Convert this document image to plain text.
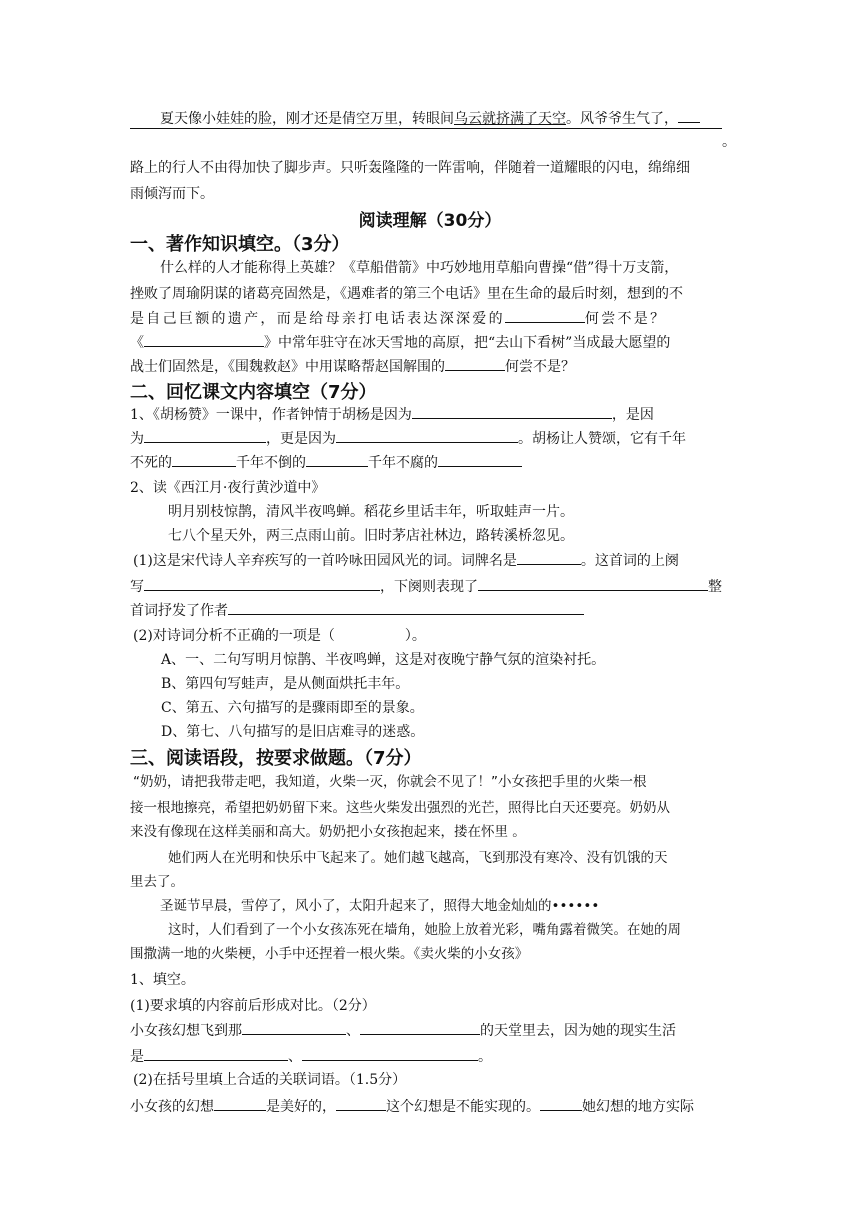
夏天像小娃娃的脸，刚才还是倩空万里，转眼间乌云就挤满了天空。风爷爷生气了，
。
路上的行人不由得加快了脚步声。只听轰隆隆的一阵雷响，伴随着一道耀眼的闪电，绵绵细
雨倾泻而下。
阅读理解（30分）
一、著作知识填空。（3分）
什么样的人才能称得上英雄？《草船借箭》中巧妙地用草船向曹操“借”得十万支箭，
挫败了周瑜阴谋的诸葛亮固然是，《遇难者的第三个电话》里在生命的最后时刻，想到的不
是自己巨额的遗产，而是给母亲打电话表达深深爱的	何尝不是？
《	》中常年驻守在冰天雪地的高原，把“去山下看树”当成最大愿望的
战士们固然是，《围魏救赵》中用谋略帮赵国解围的	何尝不是？
二、回忆课文内容填空（7分）
1、《胡杨赞》一课中，作者钟情于胡杨是因为	，是因
为	，更是因为	。胡杨让人赞颂，它有千年
不死的	千年不倒的	千年不腐的
2、读《西江月·夜行黄沙道中》
明月别枝惊鹊，清风半夜鸣蝉。稻花乡里话丰年，听取蛙声一片。
七八个星天外，两三点雨山前。旧时茅店社林边，路转溪桥忽见。
(1)这是宋代诗人辛弃疾写的一首吟咏田园风光的词。词牌名是	。这首词的上阕
写	，下阕则表现了	整
首词抒发了作者
(2)对诗词分析不正确的一项是（　　　　　）。
A、一、二句写明月惊鹊、半夜鸣蝉，这是对夜晚宁静气氛的渲染衬托。
B、第四句写蛙声，是从侧面烘托丰年。
C、第五、六句描写的是骤雨即至的景象。
D、第七、八句描写的是旧店难寻的迷惑。
三、阅读语段，按要求做题。（7分）
“奶奶，请把我带走吧，我知道，火柴一灭，你就会不见了！”小女孩把手里的火柴一根
接一根地擦亮，希望把奶奶留下来。这些火柴发出强烈的光芒，照得比白天还要亮。奶奶从
来没有像现在这样美丽和高大。奶奶把小女孩抱起来，搂在怀里 。
她们两人在光明和快乐中飞起来了。她们越飞越高，飞到那没有寒冷、没有饥饿的天
里去了。
圣诞节早晨，雪停了，风小了，太阳升起来了，照得大地金灿灿的••••••
这时，人们看到了一个小女孩冻死在墙角，她脸上放着光彩，嘴角露着微笑。在她的周
围撒满一地的火柴梗，小手中还捏着一根火柴。《卖火柴的小女孩》
1、填空。
(1)要求填的内容前后形成对比。（2分）
小女孩幻想飞到那	、	的天堂里去，因为她的现实生活
是	、	。
(2)在括号里填上合适的关联词语。（1.5分）
小女孩的幻想	是美好的，	这个幻想是不能实现的。	她幻想的地方实际
